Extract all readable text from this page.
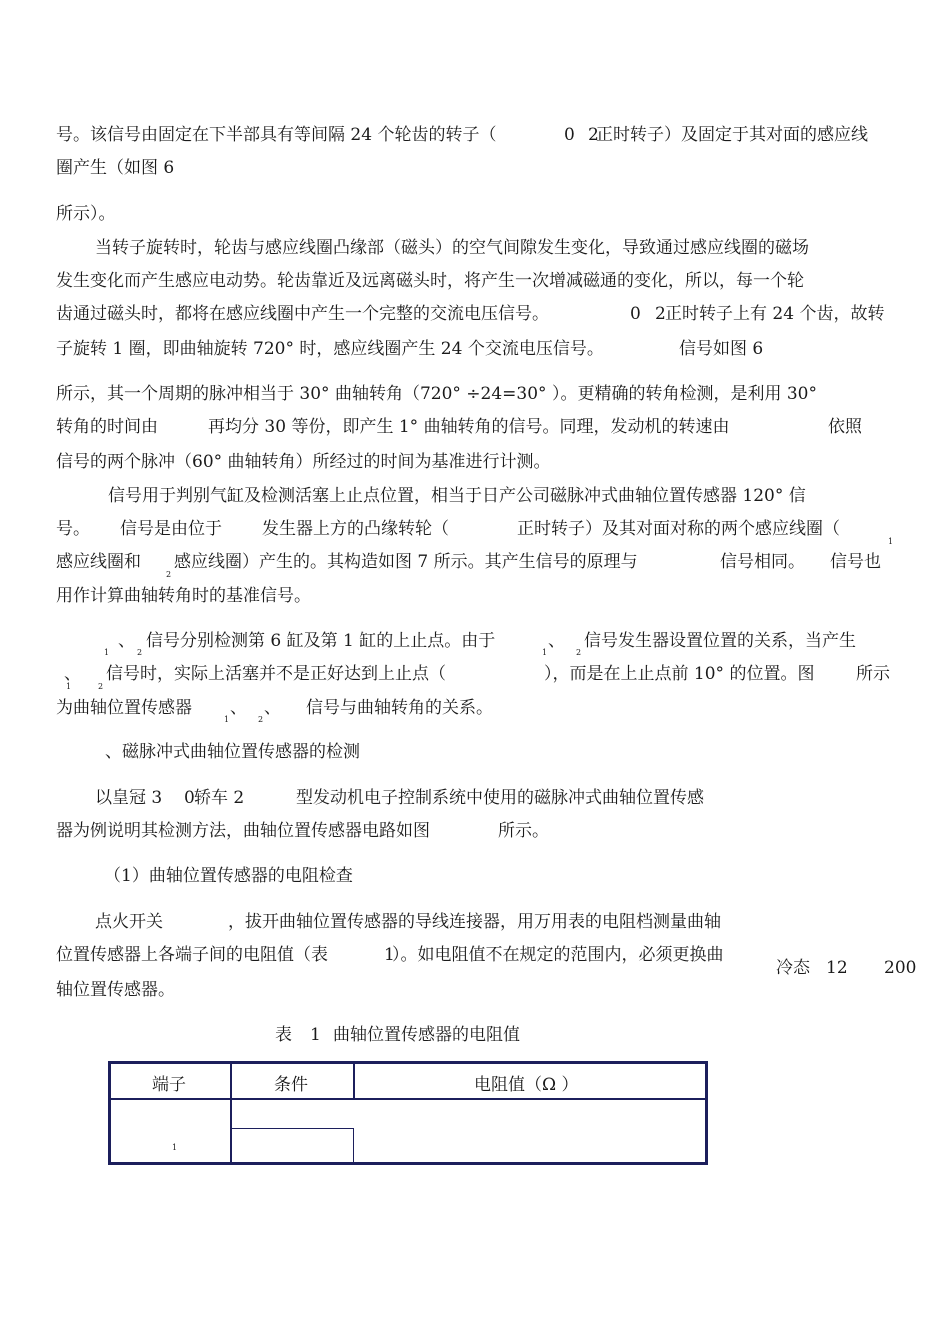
号。该信号由固定在下半部具有等间隔 24 个轮齿的转子（	0 2
正时转子）及固定于其对面的感应线
圈产生（如图 6
所示）。
当转子旋转时，轮齿与感应线圈凸缘部（磁头）的空气间隙发生变化，导致通过感应线圈的磁场
发生变化而产生感应电动势。轮齿靠近及远离磁头时，将产生一次增减磁通的变化，所以，每一个轮
齿通过磁头时，都将在感应线圈中产生一个完整的交流电压信号。	0 2 正时转子上有 24 个齿，故转
子旋转 1 圈，即曲轴旋转 720° 时，感应线圈产生 24 个交流电压信号。	信号如图 6
所示，其一个周期的脉冲相当于 30° 曲轴转角（720° ÷24=30° ）。更精确的转角检测，是利用 30°
转角的时间由	再均分 30 等份，即产生 1° 曲轴转角的信号。同理，发动机的转速由	依照
信号的两个脉冲（60° 曲轴转角）所经过的时间为基准进行计测。
信号用于判别气缸及检测活塞上止点位置，相当于日产公司磁脉冲式曲轴位置传感器 120° 信
号。 信号是由位于 发生器上方的凸缘转轮（	正时转子）及其对面对称的两个感应线圈（
1
感应线圈和
2
感应线圈）产生的。其构造如图 7 所示。其产生信号的原理与	信号相同。 信号也
用作计算曲轴转角时的基准信号。
、
1	2
信号分别检测第 6 缸及第 1 缸的上止点。由于	、
1	2
信号发生器设置位置的关系，当产生
、
1	2
信号时，实际上活塞并不是正好达到上止点（	），而是在上止点前 10° 的位置。图 所示
为曲轴位置传感器 、
1
、
2
信号与曲轴转角的关系。
、 磁 脉冲式曲轴位置传感器的检测
以皇冠 3 0 轿车 2	型发动机电子控制系统中使用的磁脉冲式曲轴位置传感
器为例说明其检测方法，曲轴位置传感器电路如图	所示。
（1）曲轴位置传感器的电阻检查
点火开关	，拔开曲轴位置传感器的导线连接器，用万用表的电阻档测量曲轴
位置传感器上各端子间的电阻值（表	1
）。如电阻值不在规定的范围内，必须更换曲
轴位置传感器。
冷态 12 200
表 1 曲轴位置传感器的电阻值
端子	条件	电阻值（Ω ）
1
